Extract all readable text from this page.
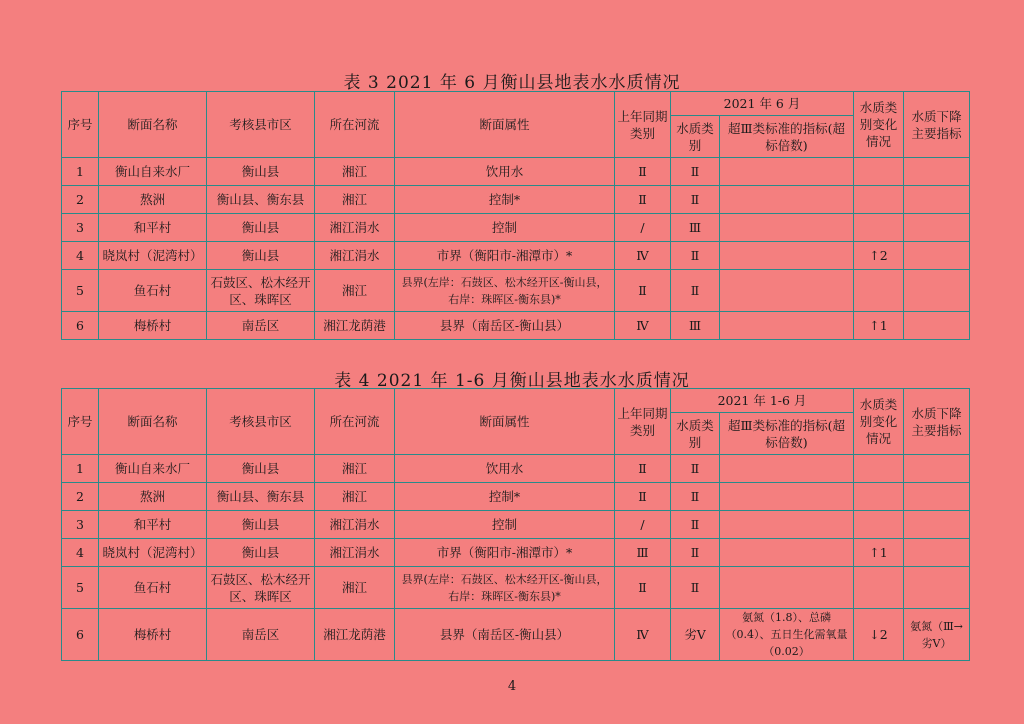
表 3 2021 年 6 月衡山县地表水水质情况
序号	断面名称	考核县市区	所在河流	断面属性	上年同期类别	2021 年 6 月		水质类别变化情况	水质下降主要指标
						水质类别	超Ⅲ类标准的指标(超标倍数)		
1	衡山自来水厂	衡山县	湘江	饮用水	Ⅱ	Ⅱ			
2	熬洲	衡山县、衡东县	湘江	控制*	Ⅱ	Ⅱ			
3	和平村	衡山县	湘江涓水	控制	/	Ⅲ			
4	晓岚村（泥湾村）	衡山县	湘江涓水	市界（衡阳市-湘潭市）*	Ⅳ	Ⅱ		↑2	
5	鱼石村	石鼓区、松木经开区、珠晖区	湘江	县界(左岸：石鼓区、松木经开区-衡山县，右岸：珠晖区-衡东县)*	Ⅱ	Ⅱ			
6	梅桥村	南岳区	湘江龙荫港	县界（南岳区-衡山县）	Ⅳ	Ⅲ		↑1	
表 4 2021 年 1-6 月衡山县地表水水质情况
序号	断面名称	考核县市区	所在河流	断面属性	上年同期类别	2021 年 1-6 月		水质类别变化情况	水质下降主要指标
						水质类别	超Ⅲ类标准的指标(超标倍数)		
1	衡山自来水厂	衡山县	湘江	饮用水	Ⅱ	Ⅱ			
2	熬洲	衡山县、衡东县	湘江	控制*	Ⅱ	Ⅱ			
3	和平村	衡山县	湘江涓水	控制	/	Ⅱ			
4	晓岚村（泥湾村）	衡山县	湘江涓水	市界（衡阳市-湘潭市）*	Ⅲ	Ⅱ		↑1	
5	鱼石村	石鼓区、松木经开区、珠晖区	湘江	县界(左岸：石鼓区、松木经开区-衡山县，右岸：珠晖区-衡东县)*	Ⅱ	Ⅱ			
6	梅桥村	南岳区	湘江龙荫港	县界（南岳区-衡山县）	Ⅳ	劣Ⅴ	氨氮（1.8）、总磷（0.4）、五日生化需氧量（0.02）	↓2	氨氮（Ⅲ→劣Ⅴ）
4
